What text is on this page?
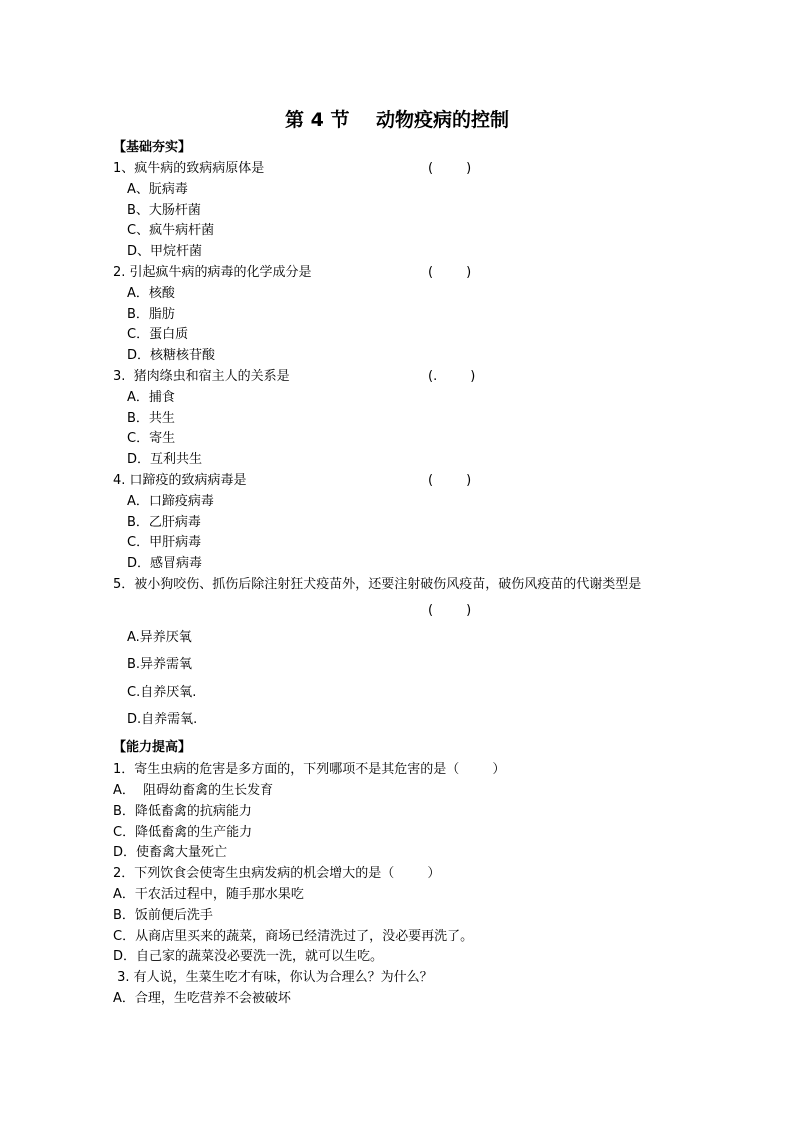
第 4 节    动物疫病的控制
【基础夯实】
1、疯牛病的致病病原体是	(        )
A、朊病毒
B、大肠杆菌
C、疯牛病杆菌
D、甲烷杆菌
2. 引起疯牛病的病毒的化学成分是	(        )
A．核酸
B．脂肪
C．蛋白质
D．核糖核苷酸
3.  猪肉绦虫和宿主人的关系是	(.        )
A．捕食
B．共生
C．寄生
D．互利共生
4. 口蹄疫的致病病毒是	(        )
A．口蹄疫病毒
B．乙肝病毒
C．甲肝病毒
D．感冒病毒
5．被小狗咬伤、抓伤后除注射狂犬疫苗外，还要注射破伤风疫苗，破伤风疫苗的代谢类型是
(        )
A.异养厌氧
B.异养需氧
C.自养厌氧.
D.自养需氧.
【能力提高】
1．寄生虫病的危害是多方面的，下列哪项不是其危害的是（        ）
A．  阻碍幼畜禽的生长发育
B．降低畜禽的抗病能力
C．降低畜禽的生产能力
D．使畜禽大量死亡
2．下列饮食会使寄生虫病发病的机会增大的是（        ）
A．干农活过程中，随手那水果吃
B．饭前便后洗手
C．从商店里买来的蔬菜，商场已经清洗过了，没必要再洗了。
D．自己家的蔬菜没必要洗一洗，就可以生吃。
3. 有人说，生菜生吃才有味，你认为合理么？为什么？
A．合理，生吃营养不会被破坏
